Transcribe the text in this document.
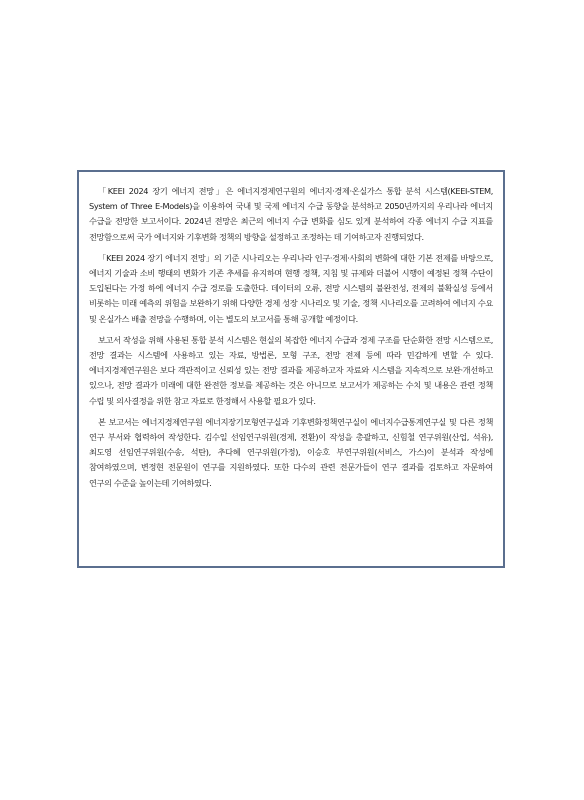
「KEEI 2024 장기 에너지 전망」은 에너지경제연구원의 에너지·경제·온실가스 통합 분석 시스템(KEEI-STEM, System of Three E-Models)을 이용하여 국내 및 국제 에너지 수급 동향을 분석하고 2050년까지의 우리나라 에너지 수급을 전망한 보고서이다. 2024년 전망은 최근의 에너지 수급 변화를 심도 있게 분석하여 각종 에너지 수급 지표를 전망함으로써 국가 에너지와 기후변화 정책의 방향을 설정하고 조정하는 데 기여하고자 진행되었다.

「KEEI 2024 장기 에너지 전망」의 기준 시나리오는 우리나라 인구·경제·사회의 변화에 대한 기본 전제를 바탕으로, 에너지 기술과 소비 행태의 변화가 기존 추세를 유지하며 현행 정책, 지침 및 규제와 더불어 시행이 예정된 정책 수단이 도입된다는 가정 하에 에너지 수급 경로를 도출한다. 데이터의 오류, 전망 시스템의 불완전성, 전제의 불확실성 등에서 비롯하는 미래 예측의 위험을 보완하기 위해 다양한 경제 성장 시나리오 및 기술, 정책 시나리오를 고려하여 에너지 수요 및 온실가스 배출 전망을 수행하며, 이는 별도의 보고서를 통해 공개할 예정이다.

보고서 작성을 위해 사용된 통합 분석 시스템은 현실의 복잡한 에너지 수급과 경제 구조를 단순화한 전망 시스템으로, 전망 결과는 시스템에 사용하고 있는 자료, 방법론, 모형 구조, 전망 전제 등에 따라 민감하게 변할 수 있다. 에너지경제연구원은 보다 객관적이고 신뢰성 있는 전망 결과를 제공하고자 자료와 시스템을 지속적으로 보완·개선하고 있으나, 전망 결과가 미래에 대한 완전한 정보를 제공하는 것은 아니므로 보고서가 제공하는 수치 및 내용은 관련 정책 수립 및 의사결정을 위한 참고 자료로 한정해서 사용할 필요가 있다.

본 보고서는 에너지경제연구원 에너지장기모형연구실과 기후변화정책연구실이 에너지수급통계연구실 및 다른 정책 연구 부서와 협력하여 작성한다. 김수일 선임연구위원(경제, 전환)이 작성을 총괄하고, 신힘철 연구위원(산업, 석유), 최도영 선임연구위원(수송, 석탄), 추다혜 연구위원(가정), 이승호 부연구위원(서비스, 가스)이 분석과 작성에 참여하였으며, 변정현 전문원이 연구를 지원하였다. 또한 다수의 관련 전문가들이 연구 결과를 검토하고 자문하여 연구의 수준을 높이는데 기여하였다.
